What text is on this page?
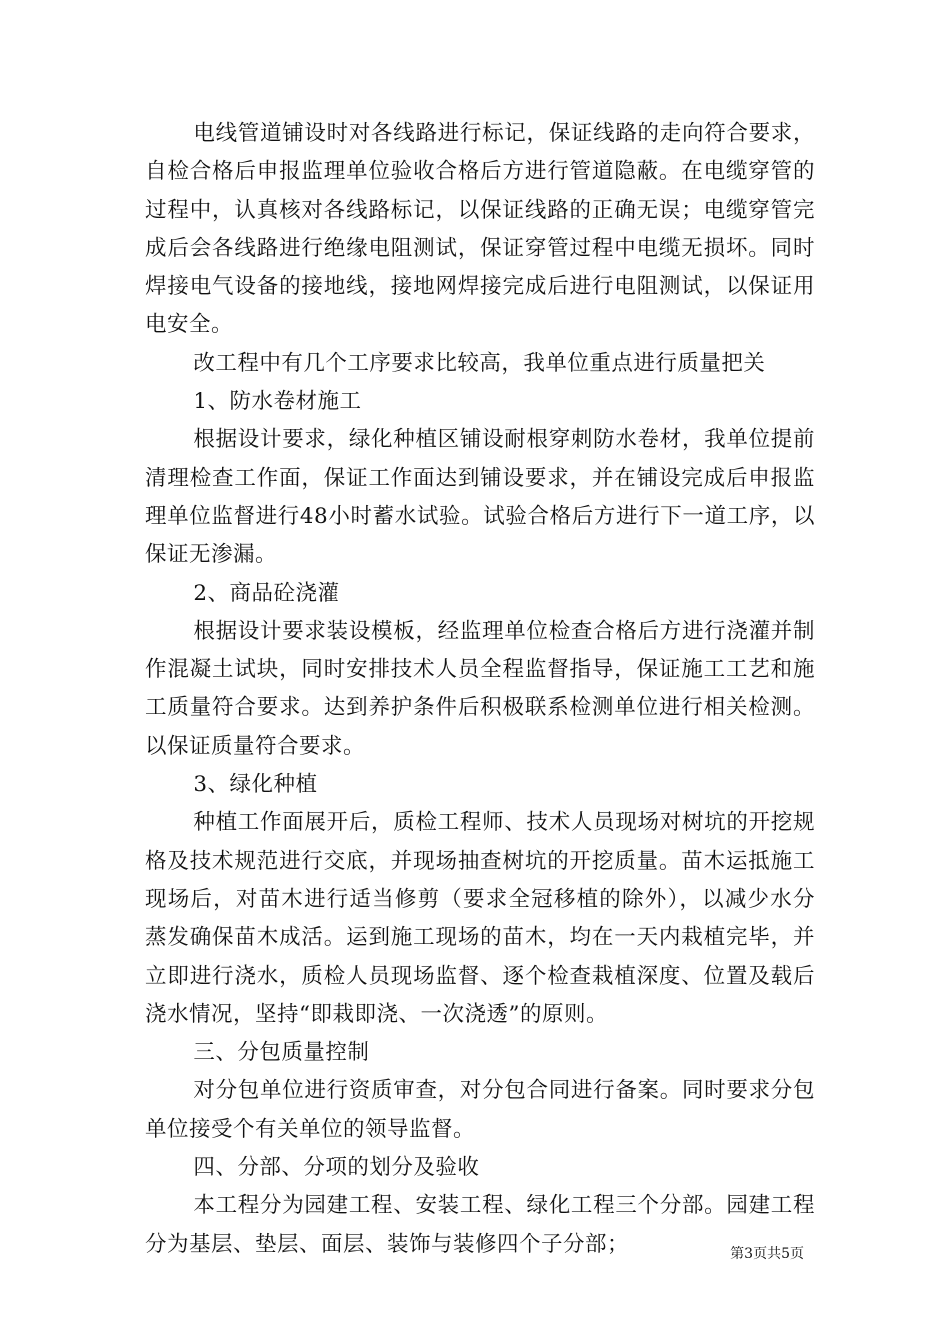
电线管道铺设时对各线路进行标记，保证线路的走向符合要求，自检合格后申报监理单位验收合格后方进行管道隐蔽。在电缆穿管的过程中，认真核对各线路标记，以保证线路的正确无误；电缆穿管完成后会各线路进行绝缘电阻测试，保证穿管过程中电缆无损坏。同时焊接电气设备的接地线，接地网焊接完成后进行电阻测试，以保证用电安全。

改工程中有几个工序要求比较高，我单位重点进行质量把关

1、防水卷材施工

根据设计要求，绿化种植区铺设耐根穿刺防水卷材，我单位提前清理检查工作面，保证工作面达到铺设要求，并在铺设完成后申报监理单位监督进行48小时蓄水试验。试验合格后方进行下一道工序，以保证无渗漏。

2、商品砼浇灌

根据设计要求装设模板，经监理单位检查合格后方进行浇灌并制作混凝土试块，同时安排技术人员全程监督指导，保证施工工艺和施工质量符合要求。达到养护条件后积极联系检测单位进行相关检测。以保证质量符合要求。

3、绿化种植

种植工作面展开后，质检工程师、技术人员现场对树坑的开挖规格及技术规范进行交底，并现场抽查树坑的开挖质量。苗木运抵施工现场后，对苗木进行适当修剪（要求全冠移植的除外），以减少水分蒸发确保苗木成活。运到施工现场的苗木，均在一天内栽植完毕，并立即进行浇水，质检人员现场监督、逐个检查栽植深度、位置及载后浇水情况，坚持“即栽即浇、一次浇透”的原则。

三、分包质量控制

对分包单位进行资质审查，对分包合同进行备案。同时要求分包单位接受个有关单位的领导监督。

四、分部、分项的划分及验收

本工程分为园建工程、安装工程、绿化工程三个分部。园建工程分为基层、垫层、面层、装饰与装修四个子分部；	第3页共5页
